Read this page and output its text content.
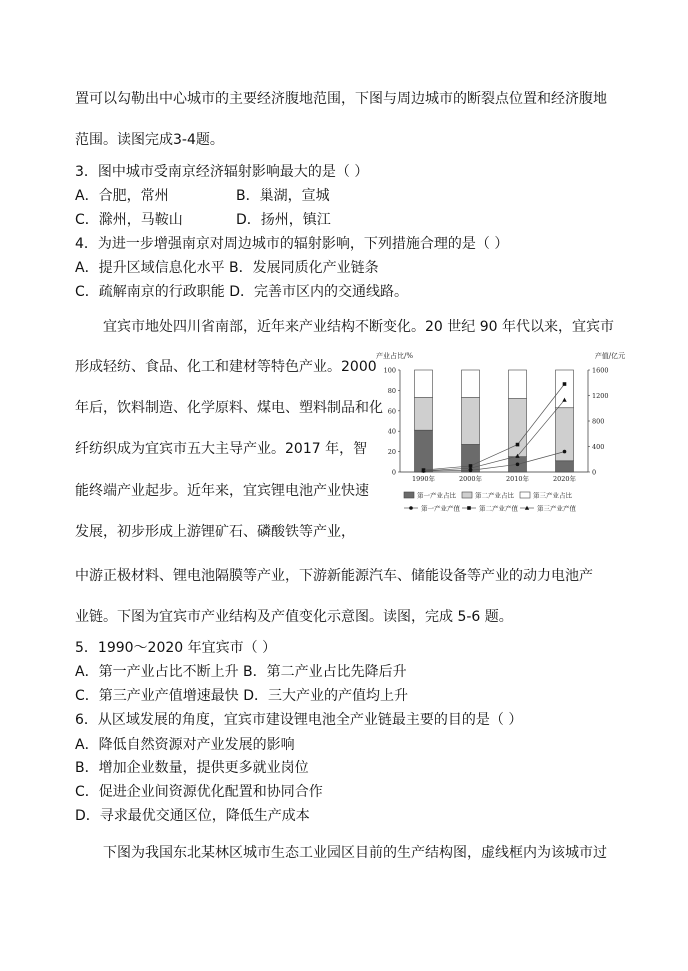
置可以勾勒出中心城市的主要经济腹地范围，下图与周边城市的断裂点位置和经济腹地
范围。读图完成3-4题。
3．图中城市受南京经济辐射影响最大的是（ ）
A．合肥，常州	B．巢湖，宣城
C．滁州，马鞍山	D．扬州，镇江
4．为进一步增强南京对周边城市的辐射影响，下列措施合理的是（ ）
A．提升区域信息化水平 B．发展同质化产业链条
C．疏解南京的行政职能 D．完善市区内的交通线路。
宜宾市地处四川省南部，近年来产业结构不断变化。20 世纪 90 年代以来，宜宾市
形成轻纺、食品、化工和建材等特色产业。2000
年后，饮料制造、化学原料、煤电、塑料制品和化
纤纺织成为宜宾市五大主导产业。2017 年，智
能终端产业起步。近年来，宜宾锂电池产业快速
发展，初步形成上游锂矿石、磷酸铁等产业，
中游正极材料、锂电池隔膜等产业，下游新能源汽车、储能设备等产业的动力电池产
业链。下图为宜宾市产业结构及产值变化示意图。读图，完成 5-6 题。
5．1990～2020 年宜宾市（ ）
A．第一产业占比不断上升 B．第二产业占比先降后升
C．第三产业产值增速最快 D．三大产业的产值均上升
6．从区域发展的角度，宜宾市建设锂电池全产业链最主要的目的是（ ）
A．降低自然资源对产业发展的影响
B．增加企业数量，提供更多就业岗位
C．促进企业间资源优化配置和协同合作
D．寻求最优交通区位，降低生产成本
下图为我国东北某林区城市生态工业园区目前的生产结构图，虚线框内为该城市过
产业占比/%	产值/亿元
0
20
40
60
80
100
0
400
800
1200
1600
1990年	2000年	2010年	2020年
第一产业占比	第二产业占比	第三产业占比
第一产业产值	第二产业产值	第三产业产值
